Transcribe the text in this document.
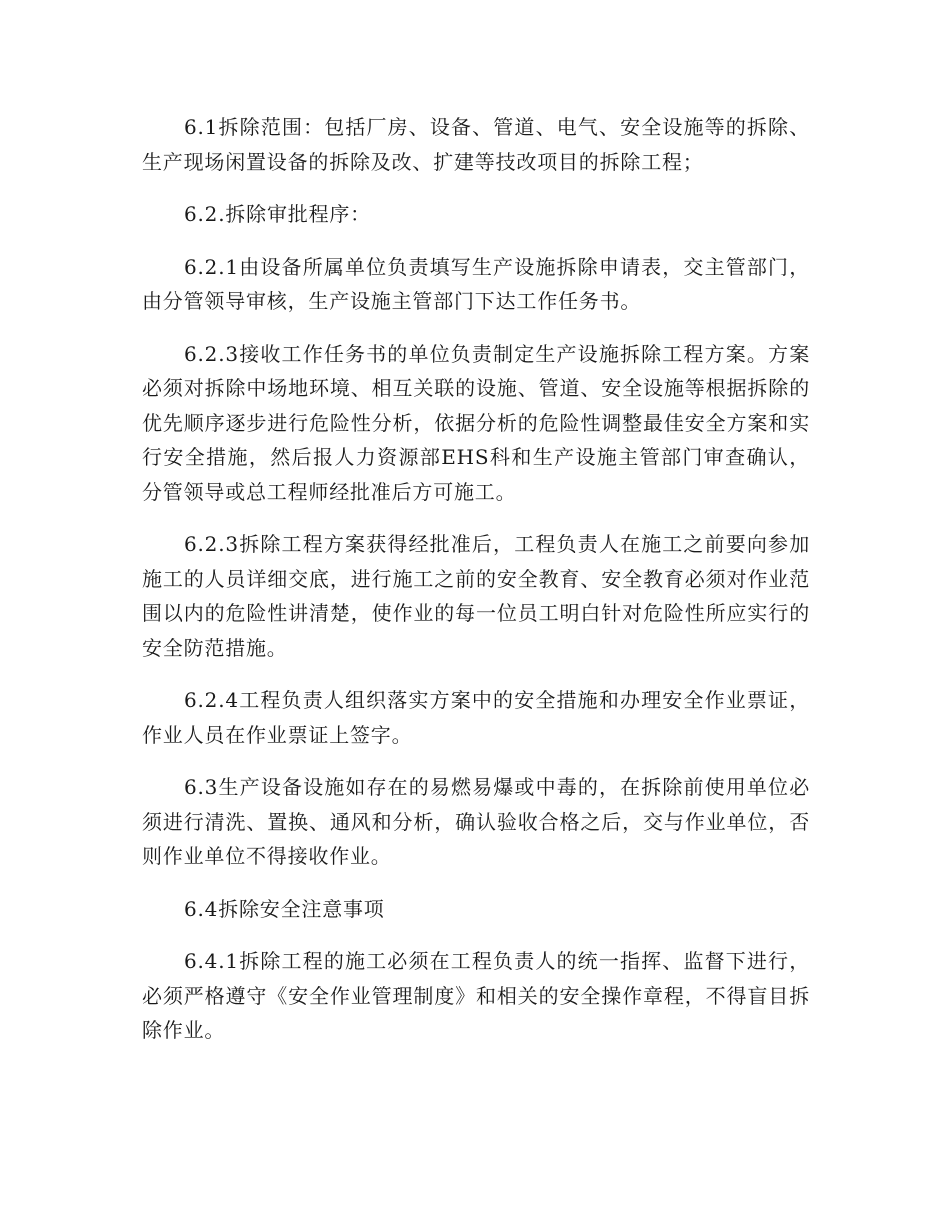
6.1拆除范围：包括厂房、设备、管道、电气、安全设施等的拆除、生产现场闲置设备的拆除及改、扩建等技改项目的拆除工程；

6.2.拆除审批程序：

6.2.1由设备所属单位负责填写生产设施拆除申请表，交主管部门，由分管领导审核，生产设施主管部门下达工作任务书。

6.2.3接收工作任务书的单位负责制定生产设施拆除工程方案。方案必须对拆除中场地环境、相互关联的设施、管道、安全设施等根据拆除的优先顺序逐步进行危险性分析，依据分析的危险性调整最佳安全方案和实行安全措施，然后报人力资源部EHS科和生产设施主管部门审查确认，分管领导或总工程师经批准后方可施工。

6.2.3拆除工程方案获得经批准后，工程负责人在施工之前要向参加施工的人员详细交底，进行施工之前的安全教育、安全教育必须对作业范围以内的危险性讲清楚，使作业的每一位员工明白针对危险性所应实行的安全防范措施。

6.2.4工程负责人组织落实方案中的安全措施和办理安全作业票证，作业人员在作业票证上签字。

6.3生产设备设施如存在的易燃易爆或中毒的，在拆除前使用单位必须进行清洗、置换、通风和分析，确认验收合格之后，交与作业单位，否则作业单位不得接收作业。

6.4拆除安全注意事项

6.4.1拆除工程的施工必须在工程负责人的统一指挥、监督下进行，必须严格遵守《安全作业管理制度》和相关的安全操作章程，不得盲目拆除作业。
